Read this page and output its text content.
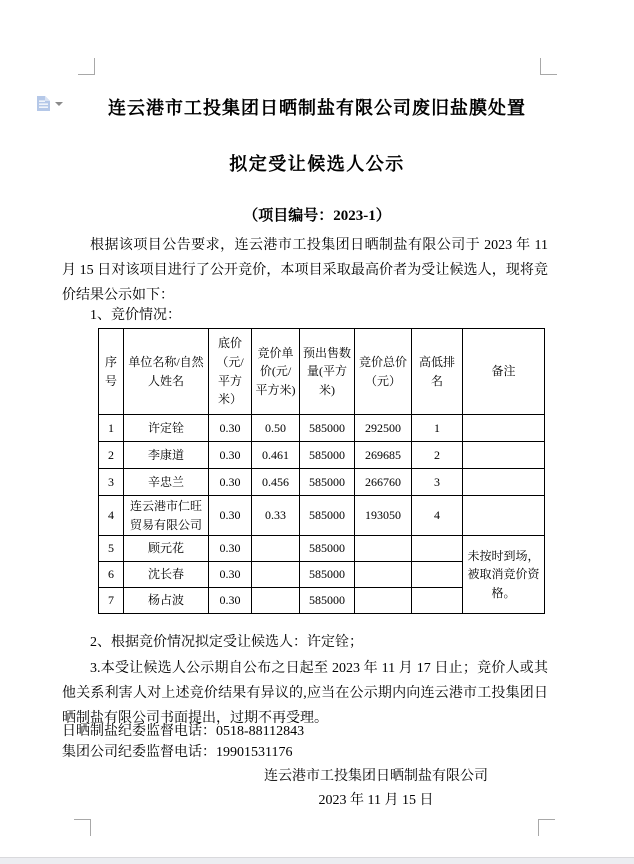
连云港市工投集团日晒制盐有限公司废旧盐膜处置
拟定受让候选人公示
（项目编号：2023-1）
根据该项目公告要求，连云港市工投集团日晒制盐有限公司于 2023 年 11 月 15 日对该项目进行了公开竞价，本项目采取最高价者为受让候选人，现将竞价结果公示如下：
1、竞价情况：
序号	单位名称/自然人姓名	底价（元/平方米）	竞价单价(元/平方米)	预出售数量(平方米)	竞价总价（元）	高低排名	备注
1	许定铨	0.30	0.50	585000	292500	1	
2	李康道	0.30	0.461	585000	269685	2	
3	辛忠兰	0.30	0.456	585000	266760	3	
4	连云港市仁旺贸易有限公司	0.30	0.33	585000	193050	4	
5	顾元花	0.30		585000			未按时到场，被取消竞价资格。
6	沈长春	0.30		585000			
7	杨占波	0.30		585000			
2、根据竞价情况拟定受让候选人：许定铨；
3.本受让候选人公示期自公布之日起至 2023 年 11 月 17 日止；竞价人或其他关系利害人对上述竞价结果有异议的,应当在公示期内向连云港市工投集团日晒制盐有限公司书面提出，过期不再受理。
日晒制盐纪委监督电话：0518-88112843
集团公司纪委监督电话：19901531176
连云港市工投集团日晒制盐有限公司
2023 年 11 月 15 日
